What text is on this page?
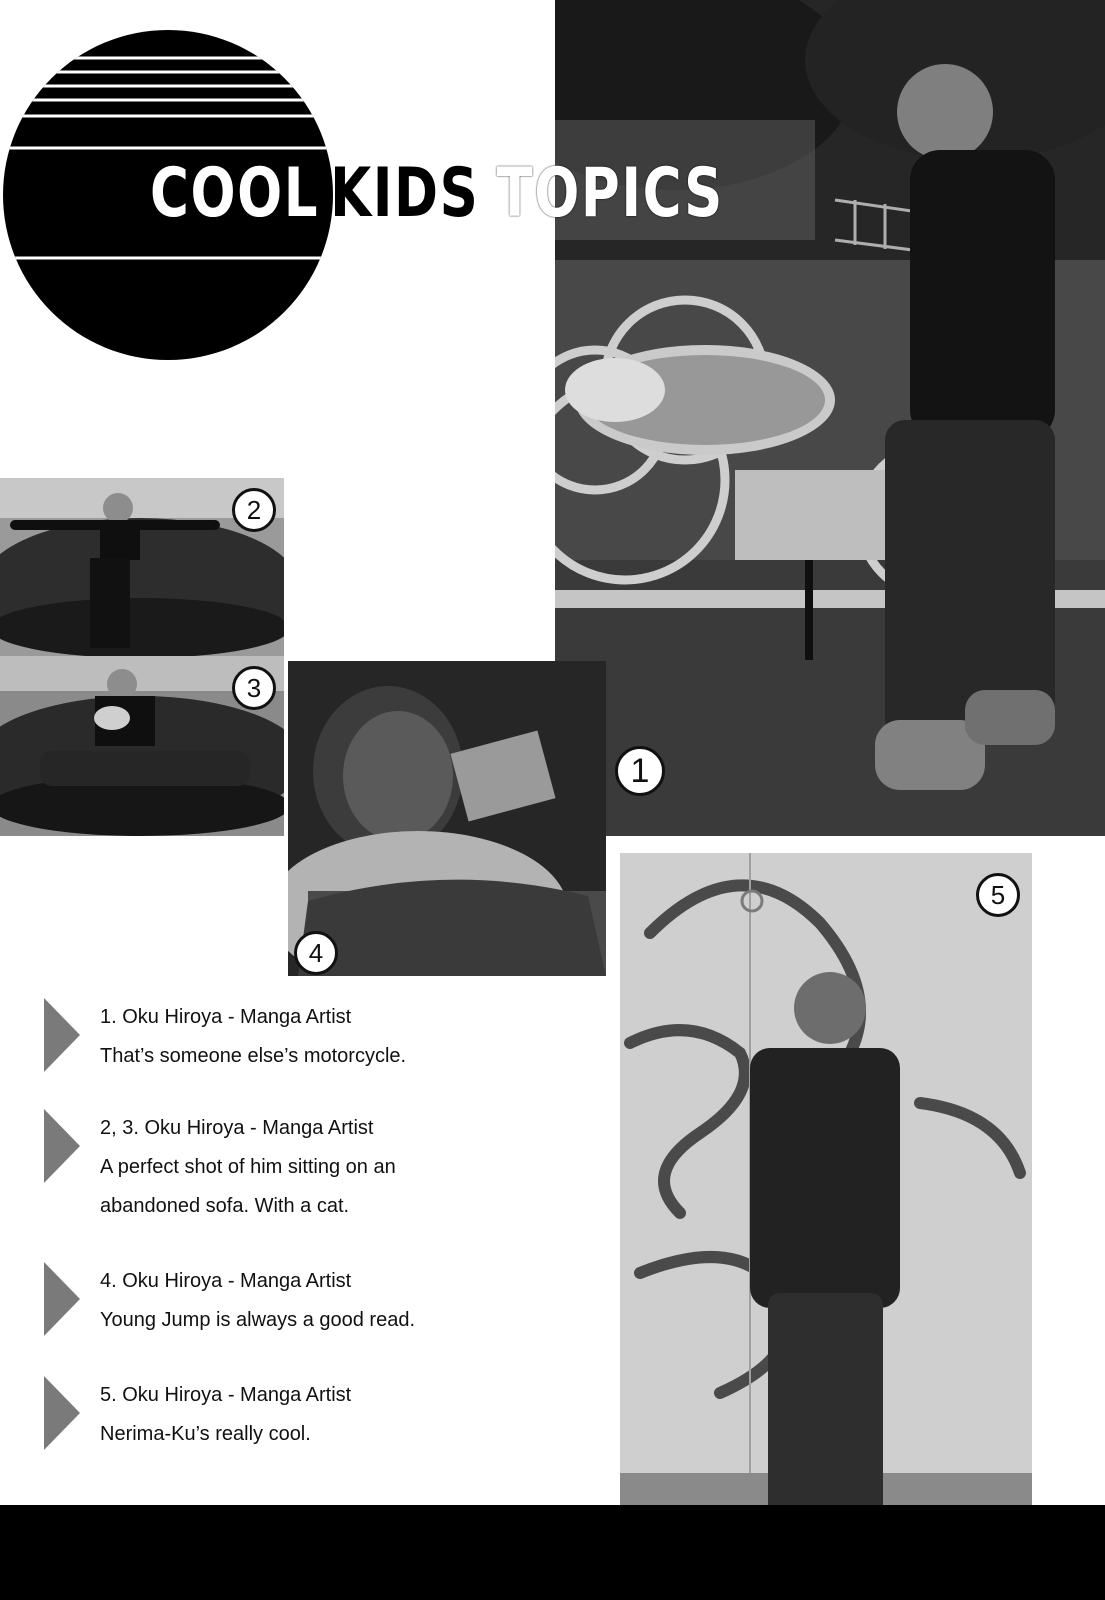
1
COOL KIDS TOPICS
2
3
4
5

1. Oku Hiroya - Manga Artist

That’s someone else’s motorcycle.

2, 3. Oku Hiroya - Manga Artist

A perfect shot of him sitting on an

abandoned sofa. With a cat.

4. Oku Hiroya - Manga Artist

Young Jump is always a good read.

5. Oku Hiroya - Manga Artist

Nerima-Ku’s really cool.
